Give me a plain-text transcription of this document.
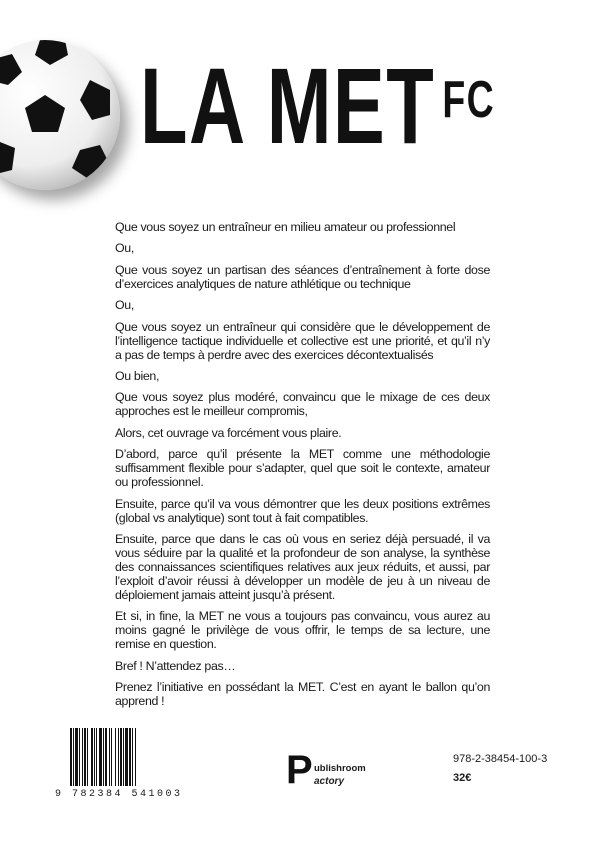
LA MET $^{FC}$

Que vous soyez un entraîneur en milieu amateur ou professionnel

Ou,

Que vous soyez un partisan des séances d’entraînement à forte dose d’exercices analytiques de nature athlétique ou technique

Ou,

Que vous soyez un entraîneur qui considère que le développement de l’intelligence tactique individuelle et collective est une priorité, et qu’il n’y a pas de temps à perdre avec des exercices décontextualisés

Ou bien,

Que vous soyez plus modéré, convaincu que le mixage de ces deux approches est le meilleur compromis,

Alors, cet ouvrage va forcément vous plaire.

D’abord, parce qu’il présente la MET comme une méthodologie suffisamment flexible pour s’adapter, quel que soit le contexte, amateur ou professionnel.

Ensuite, parce qu’il va vous démontrer que les deux positions extrêmes (global vs analytique) sont tout à fait compatibles.

Ensuite, parce que dans le cas où vous en seriez déjà persuadé, il va vous séduire par la qualité et la profondeur de son analyse, la synthèse des connaissances scientifiques relatives aux jeux réduits, et aussi, par l’exploit d’avoir réussi à développer un modèle de jeu à un niveau de déploiement jamais atteint jusqu’à présent.

Et si, in fine, la MET ne vous a toujours pas convaincu, vous aurez au moins gagné le privilège de vous offrir, le temps de sa lecture, une remise en question.

Bref ! N’attendez pas…

Prenez l’initiative en possédant la MET. C’est en ayant le ballon qu’on apprend !

9 782384 541003
P ublishroom
actory
978-2-38454-100-3
32€
